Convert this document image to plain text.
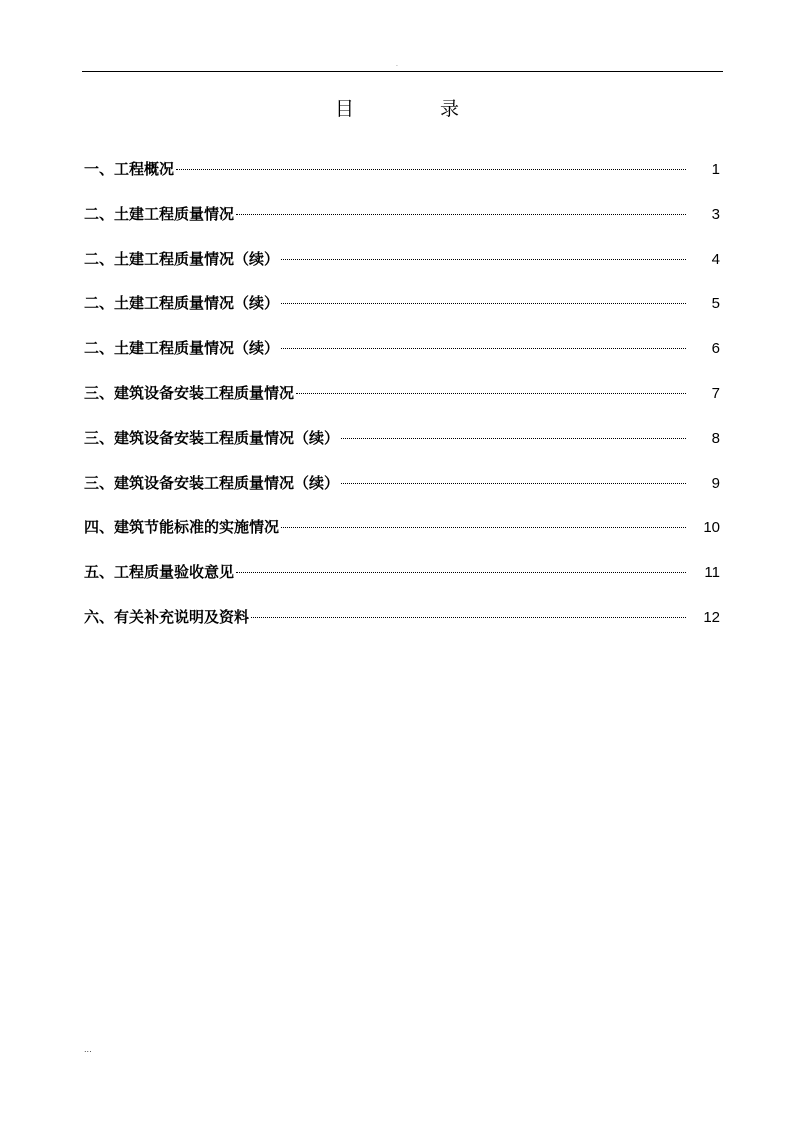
.
目 录
一、工程概况	1
二、土建工程质量情况	3
二、土建工程质量情况（续）	4
二、土建工程质量情况（续）	5
二、土建工程质量情况（续）	6
三、建筑设备安装工程质量情况	7
三、建筑设备安装工程质量情况（续）	8
三、建筑设备安装工程质量情况（续）	9
四、建筑节能标准的实施情况	10
五、工程质量验收意见	11
六、有关补充说明及资料	12
...
